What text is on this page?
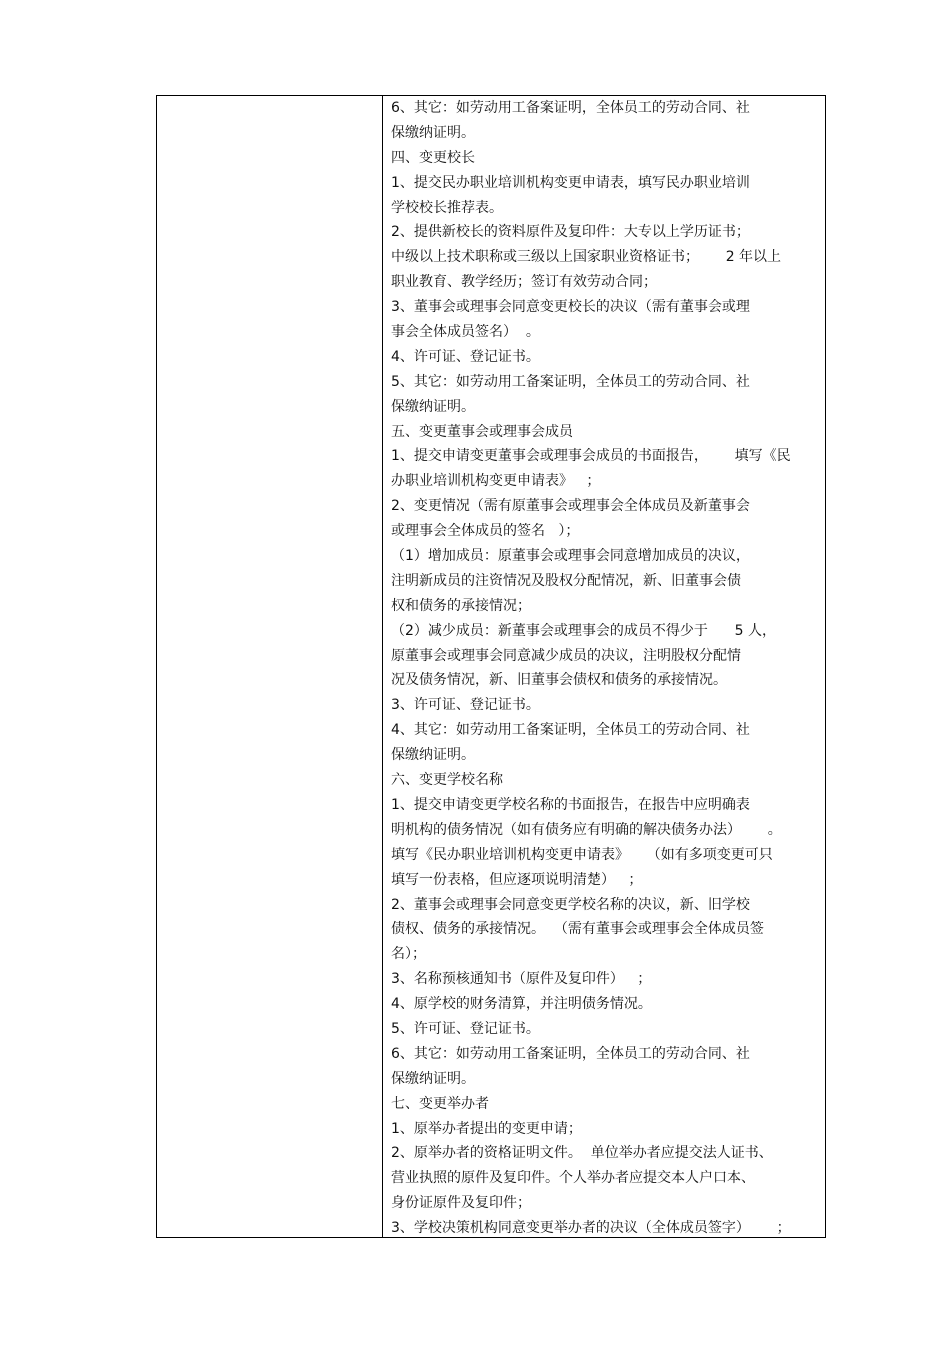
6、其它：如劳动用工备案证明，全体员工的劳动合同、社
保缴纳证明。
四、变更校长
1、提交民办职业培训机构变更申请表，填写民办职业培训
学校校长推荐表。
2、提供新校长的资料原件及复印件：大专以上学历证书；
中级以上技术职称或三级以上国家职业资格证书；      2 年以上
职业教育、教学经历；签订有效劳动合同；
3、董事会或理事会同意变更校长的决议（需有董事会或理
事会全体成员签名）  。
4、许可证、登记证书。
5、其它：如劳动用工备案证明，全体员工的劳动合同、社
保缴纳证明。
五、变更董事会或理事会成员
1、提交申请变更董事会或理事会成员的书面报告，      填写《民
办职业培训机构变更申请表》   ；
2、变更情况（需有原董事会或理事会全体成员及新董事会
或理事会全体成员的签名   ）；
（1）增加成员：原董事会或理事会同意增加成员的决议，
注明新成员的注资情况及股权分配情况，新、旧董事会债
权和债务的承接情况；
（2）减少成员：新董事会或理事会的成员不得少于      5 人，
原董事会或理事会同意减少成员的决议，注明股权分配情
况及债务情况，新、旧董事会债权和债务的承接情况。
3、许可证、登记证书。
4、其它：如劳动用工备案证明，全体员工的劳动合同、社
保缴纳证明。
六、变更学校名称
1、提交申请变更学校名称的书面报告，在报告中应明确表
明机构的债务情况（如有债务应有明确的解决债务办法）      。
填写《民办职业培训机构变更申请表》    （如有多项变更可只
填写一份表格，但应逐项说明清楚）   ；
2、董事会或理事会同意变更学校名称的决议，新、旧学校
债权、债务的承接情况。  （需有董事会或理事会全体成员签
名）；
3、名称预核通知书（原件及复印件）   ；
4、原学校的财务清算，并注明债务情况。
5、许可证、登记证书。
6、其它：如劳动用工备案证明，全体员工的劳动合同、社
保缴纳证明。
七、变更举办者
1、原举办者提出的变更申请；
2、原举办者的资格证明文件。  单位举办者应提交法人证书、
营业执照的原件及复印件。个人举办者应提交本人户口本、
身份证原件及复印件；
3、学校决策机构同意变更举办者的决议（全体成员签字）      ；
